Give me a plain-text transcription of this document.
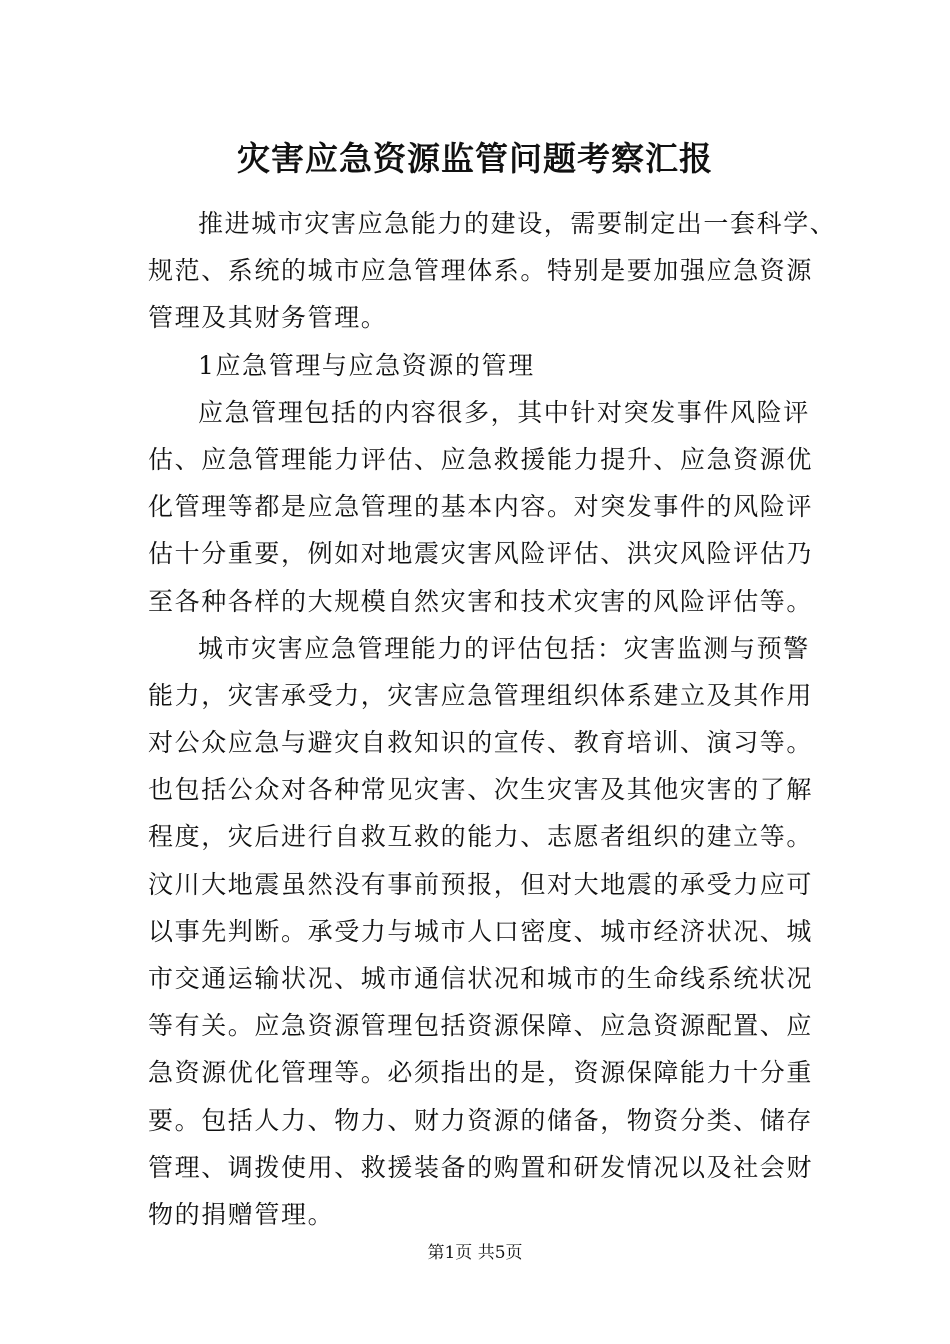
灾害应急资源监管问题考察汇报
推进城市灾害应急能力的建设，需要制定出一套科学、
规范、系统的城市应急管理体系。特别是要加强应急资源
管理及其财务管理。
1应急管理与应急资源的管理
应急管理包括的内容很多，其中针对突发事件风险评
估、应急管理能力评估、应急救援能力提升、应急资源优
化管理等都是应急管理的基本内容。对突发事件的风险评
估十分重要，例如对地震灾害风险评估、洪灾风险评估乃
至各种各样的大规模自然灾害和技术灾害的风险评估等。
城市灾害应急管理能力的评估包括：灾害监测与预警
能力，灾害承受力，灾害应急管理组织体系建立及其作用
对公众应急与避灾自救知识的宣传、教育培训、演习等。
也包括公众对各种常见灾害、次生灾害及其他灾害的了解
程度，灾后进行自救互救的能力、志愿者组织的建立等。
汶川大地震虽然没有事前预报，但对大地震的承受力应可
以事先判断。承受力与城市人口密度、城市经济状况、城
市交通运输状况、城市通信状况和城市的生命线系统状况
等有关。应急资源管理包括资源保障、应急资源配置、应
急资源优化管理等。必须指出的是，资源保障能力十分重
要。包括人力、物力、财力资源的储备，物资分类、储存
管理、调拨使用、救援装备的购置和研发情况以及社会财
物的捐赠管理。
第1页 共5页
